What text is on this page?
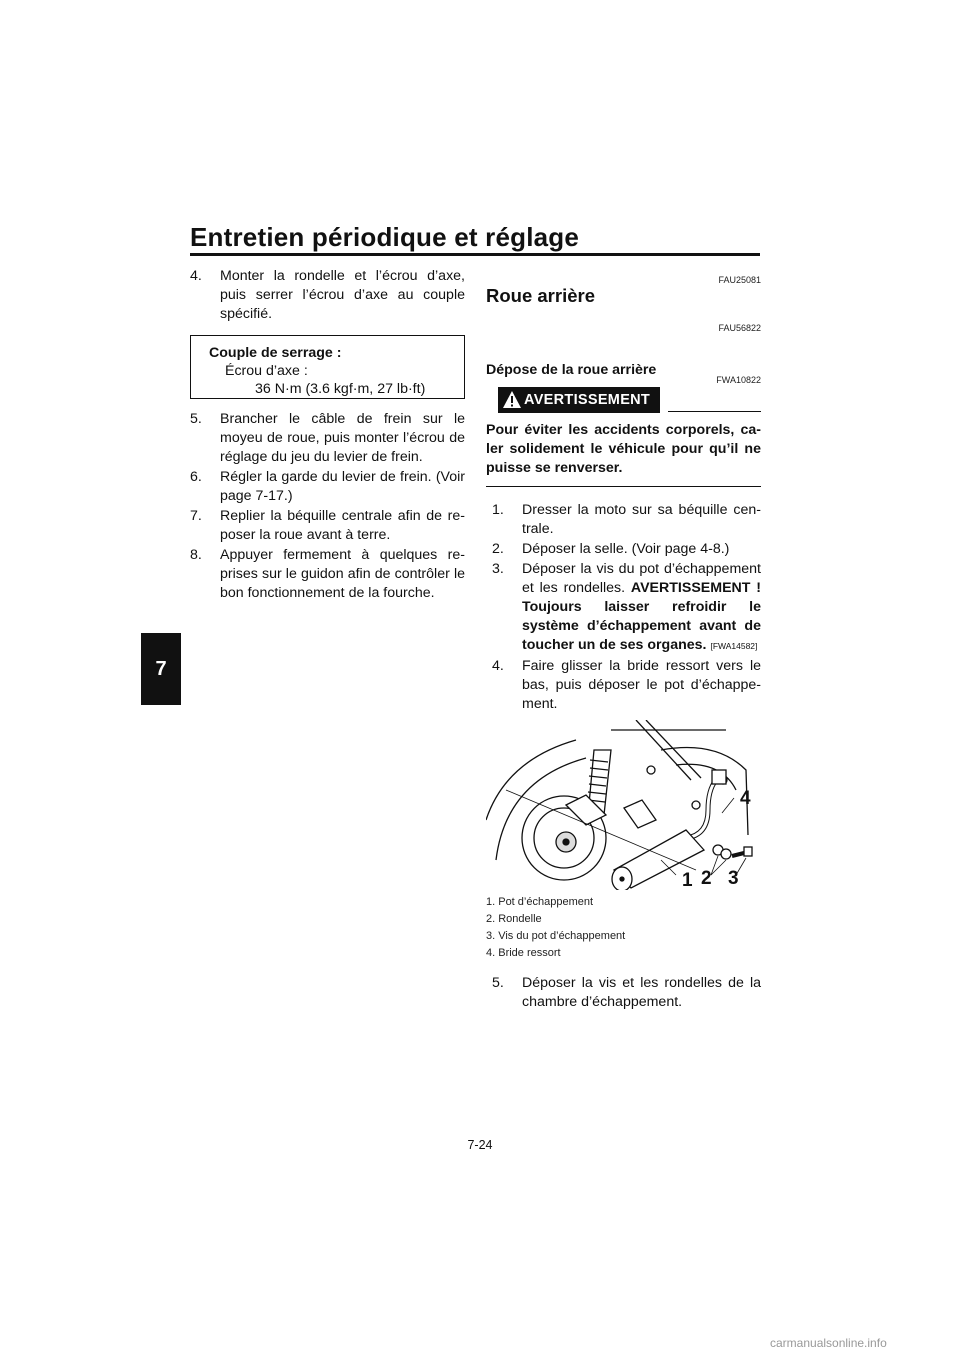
Entretien périodique et réglage
7
4.	Monter la rondelle et l’écrou d’axe, puis serrer l’écrou d’axe au couple spécifié.
Couple de serrage :
Écrou d’axe :
36 N·m (3.6 kgf·m, 27 lb·ft)
5.	Brancher le câble de frein sur le moyeu de roue, puis monter l’écrou de réglage du jeu du levier de frein.
6.	Régler la garde du levier de frein. (Voir page 7-17.)
7.	Replier la béquille centrale afin de re-poser la roue avant à terre.
8.	Appuyer fermement à quelques re-prises sur le guidon afin de contrôler le bon fonctionnement de la fourche.
FAU25081
Roue arrière
FAU56822
Dépose de la roue arrière
FWA10822
AVERTISSEMENT

Pour éviter les accidents corporels, ca-ler solidement le véhicule pour qu’il ne puisse se renverser.

1.	Dresser la moto sur sa béquille cen-trale.
2.	Déposer la selle. (Voir page 4-8.)
3.	Déposer la vis du pot d’échappement et les rondelles. AVERTISSEMENT ! Toujours laisser refroidir le système d’échappement avant de toucher un de ses organes. [FWA14582]
4.	Faire glisser la bride ressort vers le bas, puis déposer le pot d’échappe-ment.
1 2 3
4
1. Pot d’échappement
2. Rondelle
3. Vis du pot d’échappement
4. Bride ressort
5.	Déposer la vis et les rondelles de la chambre d’échappement.
7-24
carmanualsonline.info
